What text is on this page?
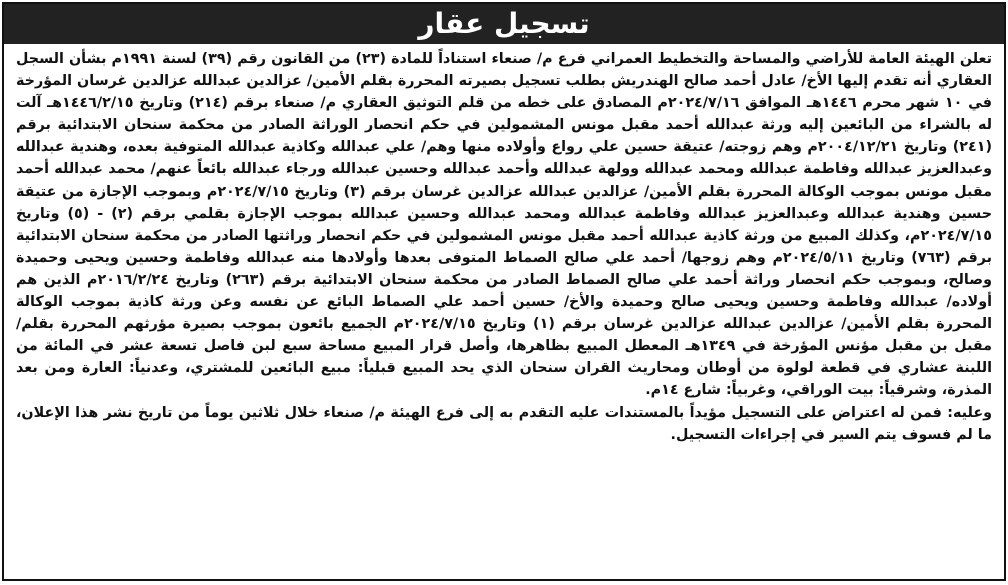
تسجيل عقار

تعلن الهيئة العامة للأراضي والمساحة والتخطيط العمراني فرع م/ صنعاء استناداً للمادة (٢٣) من القانون رقم (٣٩) لسنة ١٩٩١م بشأن السجل العقاري أنه تقدم إليها الأخ/ عادل أحمد صالح الهندريش بطلب تسجيل بصيرته المحررة بقلم الأمين/ عزالدين عبدالله عزالدين غرسان المؤرخة في ١٠ شهر محرم ١٤٤٦هـ الموافق ٢٠٢٤/٧/١٦م المصادق على خطه من قلم التوثيق العقاري م/ صنعاء برقم (٢١٤) وتاريخ ١٤٤٦/٢/١٥هـ آلت له بالشراء من البائعين إليه ورثة عبدالله أحمد مقبل مونس المشمولين في حكم انحصار الوراثة الصادر من محكمة سنحان الابتدائية برقم (٢٤١) وتاريخ ٢٠٠٤/١٢/٢١م وهم زوجته/ عتيقة حسين علي رواع وأولاده منها وهم/ علي عبدالله وكاذية عبدالله المتوفية بعده، وهندية عبدالله وعبدالعزيز عبدالله وفاطمة عبدالله ومحمد عبدالله وولهة عبدالله وأحمد عبدالله وحسين عبدالله ورجاء عبدالله بائعاً عنهم/ محمد عبدالله أحمد مقبل مونس بموجب الوكالة المحررة بقلم الأمين/ عزالدين عبدالله عزالدين غرسان برقم (٣) وتاريخ ٢٠٢٤/٧/١٥م وبموجب الإجازة من عتيقة حسين وهندية عبدالله وعبدالعزيز عبدالله وفاطمة عبدالله ومحمد عبدالله وحسين عبدالله بموجب الإجازة بقلمي برقم (٢) - (٥) وتاريخ ٢٠٢٤/٧/١٥م، وكذلك المبيع من ورثة كاذية عبدالله أحمد مقبل مونس المشمولين في حكم انحصار وراثتها الصادر من محكمة سنحان الابتدائية برقم (٧٦٣) وتاريخ ٢٠٢٤/٥/١١م وهم زوجها/ أحمد علي صالح الصماط المتوفى بعدها وأولادها منه عبدالله وفاطمة وحسين ويحيى وحميدة وصالح، وبموجب حكم انحصار وراثة أحمد علي صالح الصماط الصادر من محكمة سنحان الابتدائية برقم (٢٦٣) وتاريخ ٢٠١٦/٢/٢٤م الذين هم أولاده/ عبدالله وفاطمة وحسين ويحيى صالح وحميدة والأخ/ حسين أحمد علي الصماط البائع عن نفسه وعن ورثة كاذية بموجب الوكالة المحررة بقلم الأمين/ عزالدين عبدالله عزالدين غرسان برقم (١) وتاريخ ٢٠٢٤/٧/١٥م الجميع بائعون بموجب بصيرة مؤرثهم المحررة بقلم/ مقبل بن مقبل مؤنس المؤرخة في ١٣٤٩هـ المعطل المبيع بظاهرها، وأصل قرار المبيع مساحة سبع لبن فاصل تسعة عشر في المائة من اللبنة عشاري في قطعة لولوة من أوطان ومحاريث القران سنحان الذي يحد المبيع قبلياً: مبيع البائعين للمشتري، وعدنياً: العارة ومن بعد المذرة، وشرقياً: بيت الوراقي، وغربياً: شارع ١٤م.

وعليه: فمن له اعتراض على التسجيل مؤيداً بالمستندات عليه التقدم به إلى فرع الهيئة م/ صنعاء خلال ثلاثين يوماً من تاريخ نشر هذا الإعلان، ما لم فسوف يتم السير في إجراءات التسجيل.
